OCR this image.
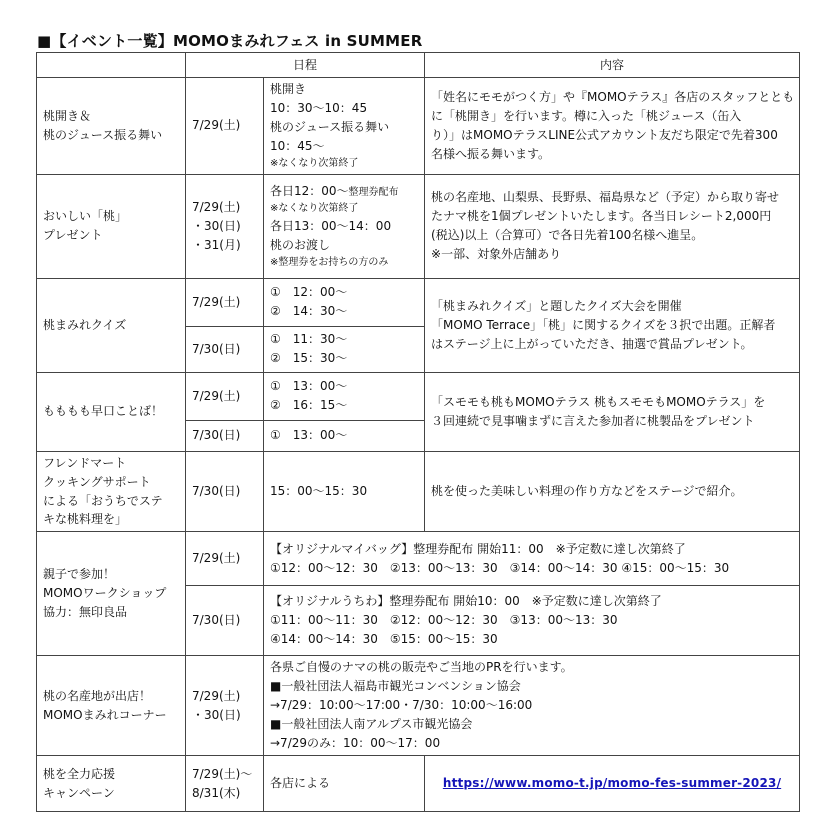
■【イベント一覧】MOMOまみれフェス in SUMMER
	日程		内容

桃開き＆
桃のジュース振る舞い	7/29(土)	桃開き
10：30〜10：45
桃のジュース振る舞い
10：45〜
※なくなり次第終了	「姓名にモモがつく方」や『MOMOテラス』各店のスタッフととも
に「桃開き」を行います。樽に入った「桃ジュース（缶入
り）」はMOMOテラスLINE公式アカウント友だち限定で先着300
名様へ振る舞います。

おいしい「桃」
プレゼント	7/29(土)
・30(日)
・31(月)	各日12：00〜整理券配布
※なくなり次第終了
各日13：00〜14：00
桃のお渡し
※整理券をお持ちの方のみ	桃の名産地、山梨県、長野県、福島県など（予定）から取り寄せ
たナマ桃を1個プレゼントいたします。各当日レシート2,000円
(税込)以上（合算可）で各日先着100名様へ進呈。
※一部、対象外店舗あり

桃まみれクイズ	7/29(土)	①　12：00〜
②　14：30〜	「桃まみれクイズ」と題したクイズ大会を開催
「MOMO Terrace」「桃」に関するクイズを３択で出題。正解者
はステージ上に上がっていただき、抽選で賞品プレゼント。

	7/30(日)	①　11：30〜
②　15：30〜	

もももも早口ことば！	7/29(土)	①　13：00〜
②　16：15〜	「スモモも桃もMOMOテラス 桃もスモモもMOMOテラス」を
３回連続で見事噛まずに言えた参加者に桃製品をプレゼント

	7/30(日)	①　13：00〜	

フレンドマート
クッキングサポート
による「おうちでステ
キな桃料理を」	7/30(日)	15：00〜15：30	桃を使った美味しい料理の作り方などをステージで紹介。

親子で参加！
MOMOワークショップ
協力：無印良品	7/29(土)	【オリジナルマイバッグ】整理券配布 開始11：00　※予定数に達し次第終了
①12：00〜12：30　②13：00〜13：30　③14：00〜14：30 ④15：00〜15：30	

	7/30(日)	【オリジナルうちわ】整理券配布 開始10：00　※予定数に達し次第終了
①11：00〜11：30　②12：00〜12：30　③13：00〜13：30
④14：00〜14：30　⑤15：00〜15：30	

桃の名産地が出店！
MOMOまみれコーナー	7/29(土)
・30(日)	各県ご自慢のナマの桃の販売やご当地のPRを行います。
■一般社団法人福島市観光コンベンション協会
→7/29：10:00〜17:00・7/30：10:00〜16:00
■一般社団法人南アルプス市観光協会
→7/29のみ：10：00〜17：00	

桃を全力応援
キャンペーン	7/29(土)〜
8/31(木)	各店による	https://www.momo-t.jp/momo-fes-summer-2023/
